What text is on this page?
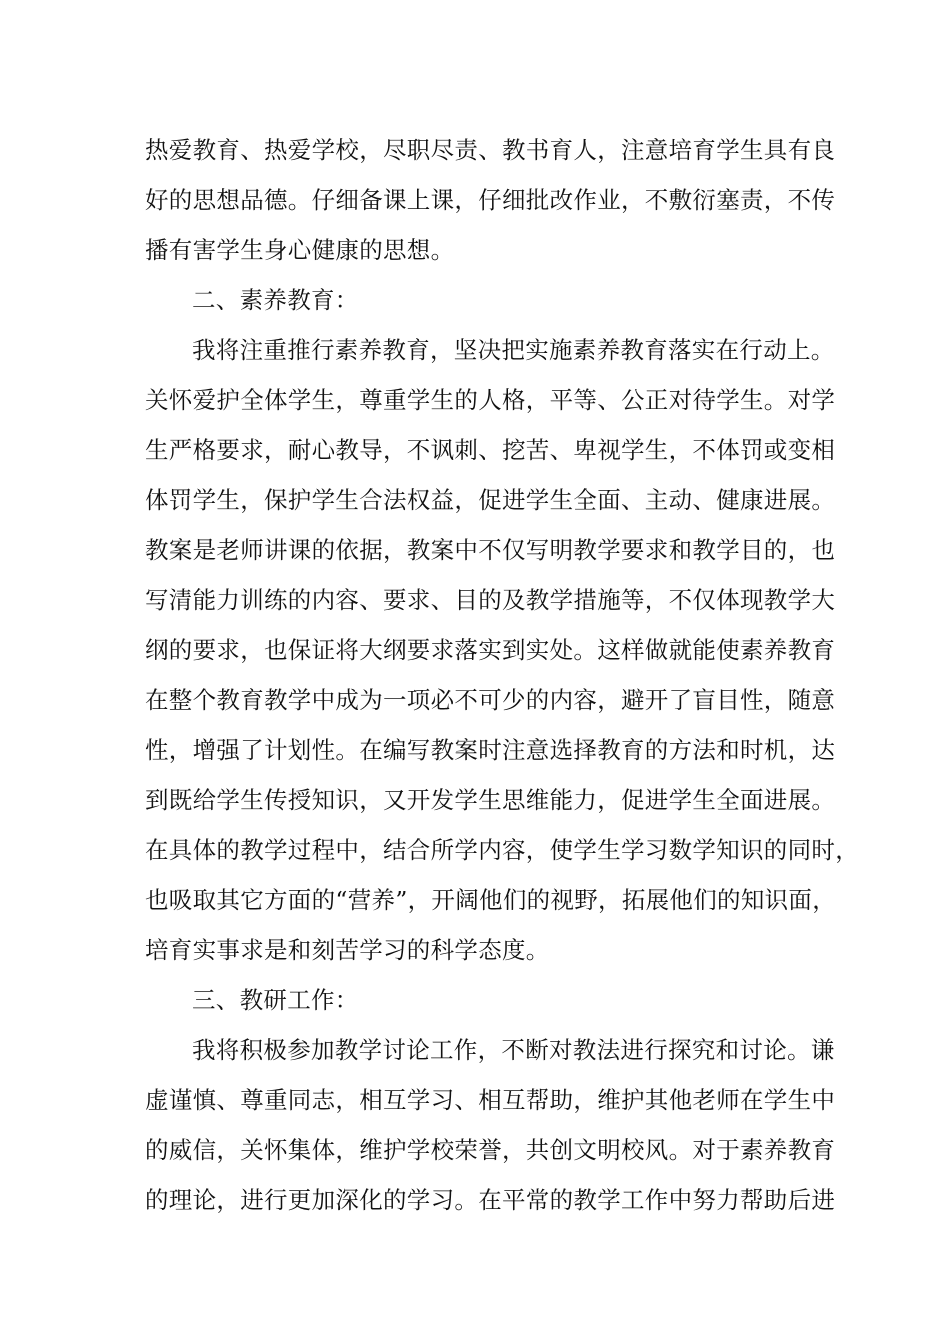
热爱教育、热爱学校，尽职尽责、教书育人，注意培育学生具有良
好的思想品德。仔细备课上课，仔细批改作业，不敷衍塞责，不传
播有害学生身心健康的思想。
二、素养教育：
我将注重推行素养教育，坚决把实施素养教育落实在行动上。
关怀爱护全体学生，尊重学生的人格，平等、公正对待学生。对学
生严格要求，耐心教导，不讽刺、挖苦、卑视学生，不体罚或变相
体罚学生，保护学生合法权益，促进学生全面、主动、健康进展。
教案是老师讲课的依据，教案中不仅写明教学要求和教学目的，也
写清能力训练的内容、要求、目的及教学措施等，不仅体现教学大
纲的要求，也保证将大纲要求落实到实处。这样做就能使素养教育
在整个教育教学中成为一项必不可少的内容，避开了盲目性，随意
性，增强了计划性。在编写教案时注意选择教育的方法和时机，达
到既给学生传授知识，又开发学生思维能力，促进学生全面进展。
在具体的教学过程中，结合所学内容，使学生学习数学知识的同时，
也吸取其它方面的“营养”，开阔他们的视野，拓展他们的知识面，
培育实事求是和刻苦学习的科学态度。
三、教研工作：
我将积极参加教学讨论工作，不断对教法进行探究和讨论。谦
虚谨慎、尊重同志，相互学习、相互帮助，维护其他老师在学生中
的威信，关怀集体，维护学校荣誉，共创文明校风。对于素养教育
的理论，进行更加深化的学习。在平常的教学工作中努力帮助后进
